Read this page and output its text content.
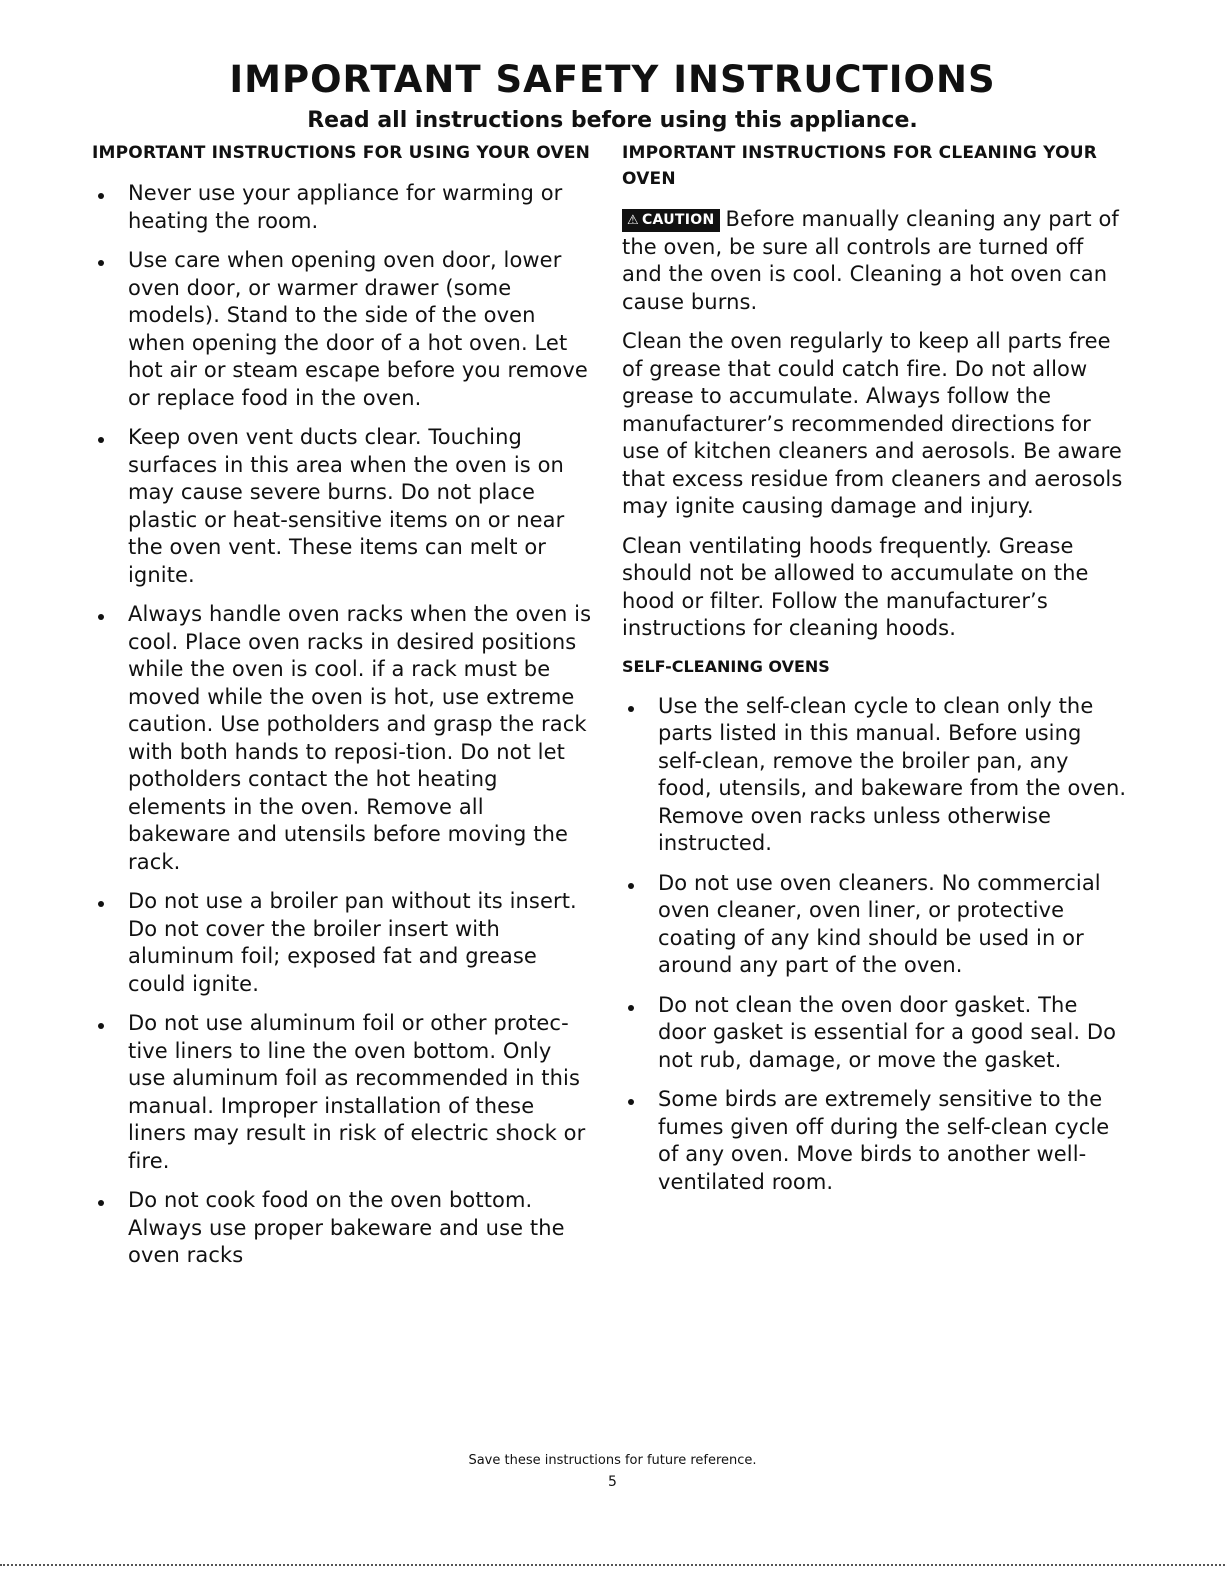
IMPORTANT SAFETY INSTRUCTIONS
Read all instructions before using this appliance.
IMPORTANT INSTRUCTIONS FOR USING YOUR OVEN
Never use your appliance for warming or heating the room.
Use care when opening oven door, lower oven door, or warmer drawer (some models). Stand to the side of the oven when opening the door of a hot oven. Let hot air or steam escape before you remove or replace food in the oven.
Keep oven vent ducts clear. Touching surfaces in this area when the oven is on may cause severe burns. Do not place plastic or heat-sensitive items on or near the oven vent. These items can melt or ignite.
Always handle oven racks when the oven is cool. Place oven racks in desired positions while the oven is cool. if a rack must be moved while the oven is hot, use extreme caution. Use potholders and grasp the rack with both hands to reposi-tion. Do not let potholders contact the hot heating elements in the oven. Remove all bakeware and utensils before moving the rack.
Do not use a broiler pan without its insert. Do not cover the broiler insert with aluminum foil; exposed fat and grease could ignite.
Do not use aluminum foil or other protec-tive liners to line the oven bottom. Only use aluminum foil as recommended in this manual. Improper installation of these liners may result in risk of electric shock or fire.
Do not cook food on the oven bottom. Always use proper bakeware and use the oven racks
IMPORTANT INSTRUCTIONS FOR CLEANING YOUR OVEN

⚠ CAUTION Before manually cleaning any part of the oven, be sure all controls are turned off and the oven is cool. Cleaning a hot oven can cause burns.

Clean the oven regularly to keep all parts free of grease that could catch fire. Do not allow grease to accumulate. Always follow the manufacturer’s recommended directions for use of kitchen cleaners and aerosols. Be aware that excess residue from cleaners and aerosols may ignite causing damage and injury.

Clean ventilating hoods frequently. Grease should not be allowed to accumulate on the hood or filter. Follow the manufacturer’s instructions for cleaning hoods.

SELF-CLEANING OVENS
Use the self-clean cycle to clean only the parts listed in this manual. Before using self-clean, remove the broiler pan, any food, utensils, and bakeware from the oven. Remove oven racks unless otherwise instructed.
Do not use oven cleaners. No commercial oven cleaner, oven liner, or protective coating of any kind should be used in or around any part of the oven.
Do not clean the oven door gasket. The door gasket is essential for a good seal. Do not rub, damage, or move the gasket.
Some birds are extremely sensitive to the fumes given off during the self-clean cycle of any oven. Move birds to another well-ventilated room.
Save these instructions for future reference.
5
